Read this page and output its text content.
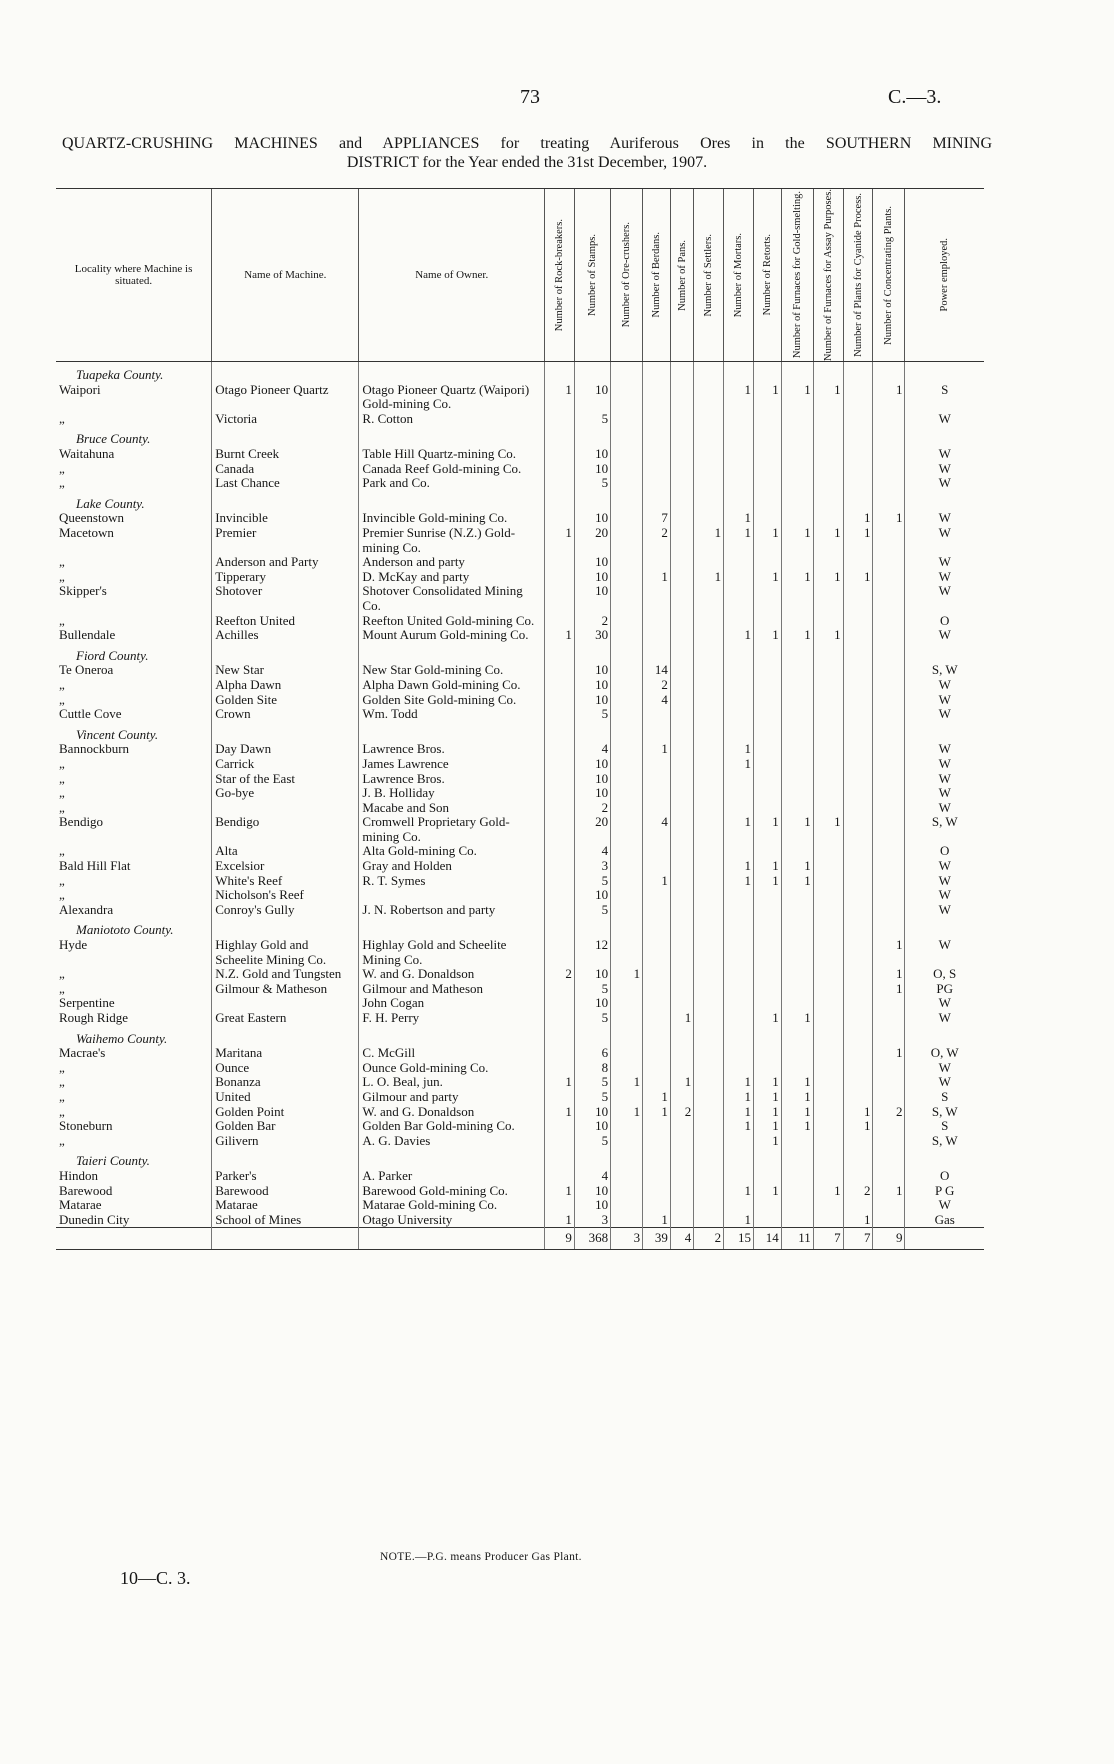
73	C.—3.
QUARTZ-CRUSHING MACHINES and APPLIANCES for treating Auriferous Ores in the SOUTHERN MINING
DISTRICT for the Year ended the 31st December, 1907.
Locality where Machine is situated.	Name of Machine.	Name of Owner.	Number of Rock-breakers.	Number of Stamps.	Number of Ore-crushers.	Number of Berdans.	Number of Pans.	Number of Settlers.	Number of Mortars.	Number of Retorts.	Number of Furnaces for Gold-smelting.	Number of Furnaces for Assay Purposes.	Number of Plants for Cyanide Process.	Number of Concentrating Plants.	Power employed.

Tuapeka County.															
Waipori	Otago Pioneer Quartz	Otago Pioneer Quartz (Waipori) Gold-mining Co.	1	10					1	1	1	1		1	S
„	Victoria	R. Cotton		5											W
Bruce County.															
Waitahuna	Burnt Creek	Table Hill Quartz-mining Co.		10											W
„	Canada	Canada Reef Gold-mining Co.		10											W
„	Last Chance	Park and Co.		5											W
Lake County.															
Queenstown	Invincible	Invincible Gold-mining Co.		10		7			1				1	1	W
Macetown	Premier	Premier Sunrise (N.Z.) Gold-mining Co.	1	20		2		1	1	1	1	1	1		W
„	Anderson and Party	Anderson and party		10											W
„	Tipperary	D. McKay and party		10		1		1		1	1	1	1		W
Skipper's	Shotover	Shotover Consolidated Mining Co.		10											W
„	Reefton United	Reefton United Gold-mining Co.		2											O
Bullendale	Achilles	Mount Aurum Gold-mining Co.	1	30					1	1	1	1			W
Fiord County.															
Te Oneroa	New Star	New Star Gold-mining Co.		10		14									S, W
„	Alpha Dawn	Alpha Dawn Gold-mining Co.		10		2									W
„	Golden Site	Golden Site Gold-mining Co.		10		4									W
Cuttle Cove	Crown	Wm. Todd		5											W
Vincent County.															
Bannockburn	Day Dawn	Lawrence Bros.		4		1			1						W
„	Carrick	James Lawrence		10					1						W
„	Star of the East	Lawrence Bros.		10											W
„	Go-bye	J. B. Holliday		10											W
„		Macabe and Son		2											W
Bendigo	Bendigo	Cromwell Proprietary Gold-mining Co.		20		4			1	1	1	1			S, W
„	Alta	Alta Gold-mining Co.		4											O
Bald Hill Flat	Excelsior	Gray and Holden		3					1	1	1				W
„	White's Reef	R. T. Symes		5		1			1	1	1				W
„	Nicholson's Reef			10											W
Alexandra	Conroy's Gully	J. N. Robertson and party		5											W
Maniototo County.															
Hyde	Highlay Gold and Scheelite Mining Co.	Highlay Gold and Scheelite Mining Co.		12										1	W
„	N.Z. Gold and Tungsten	W. and G. Donaldson	2	10	1									1	O, S
„	Gilmour & Matheson	Gilmour and Matheson		5										1	PG
Serpentine		John Cogan		10											W
Rough Ridge	Great Eastern	F. H. Perry		5			1			1	1				W
Waihemo County.															
Macrae's	Maritana	C. McGill		6										1	O, W
„	Ounce	Ounce Gold-mining Co.		8											W
„	Bonanza	L. O. Beal, jun.	1	5	1		1		1	1	1				W
„	United	Gilmour and party		5		1			1	1	1				S
„	Golden Point	W. and G. Donaldson	1	10	1	1	2		1	1	1		1	2	S, W
Stoneburn	Golden Bar	Golden Bar Gold-mining Co.		10					1	1	1		1		S
„	Gilivern	A. G. Davies		5						1					S, W
Taieri County.															
Hindon	Parker's	A. Parker		4											O
Barewood	Barewood	Barewood Gold-mining Co.	1	10					1	1		1	2	1	P G
Matarae	Matarae	Matarae Gold-mining Co.		10											W
Dunedin City	School of Mines	Otago University	1	3		1			1				1		Gas
			9	368	3	39	4	2	15	14	11	7	7	9	
NOTE.—P.G. means Producer Gas Plant.
10—C. 3.
